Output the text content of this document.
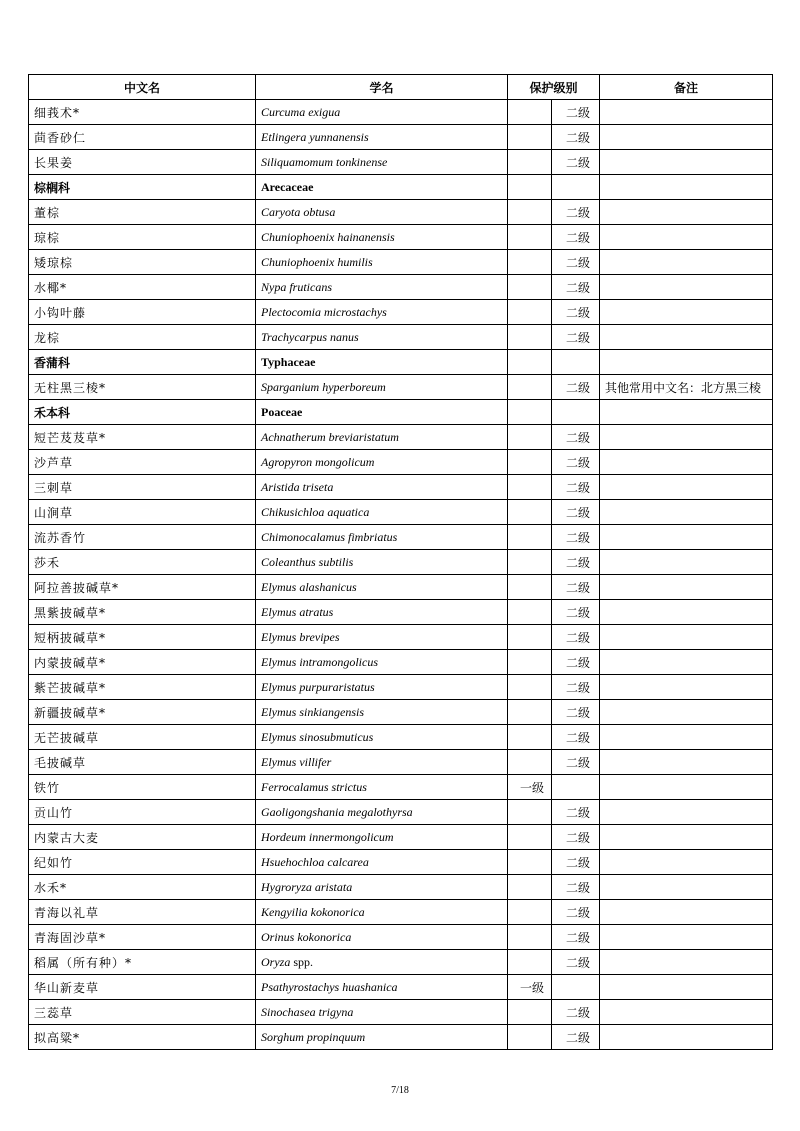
中文名	学名	保护级别		备注
细莪术*	Curcuma exigua		二级	
茴香砂仁	Etlingera yunnanensis		二级	
长果姜	Siliquamomum tonkinense		二级	
棕榈科	Arecaceae			
董棕	Caryota obtusa		二级	
琼棕	Chuniophoenix hainanensis		二级	
矮琼棕	Chuniophoenix humilis		二级	
水椰*	Nypa fruticans		二级	
小钩叶藤	Plectocomia microstachys		二级	
龙棕	Trachycarpus nanus		二级	
香蒲科	Typhaceae			
无柱黑三棱*	Sparganium hyperboreum		二级	其他常用中文名：北方黑三棱
禾本科	Poaceae			
短芒芨芨草*	Achnatherum breviaristatum		二级	
沙芦草	Agropyron mongolicum		二级	
三刺草	Aristida triseta		二级	
山涧草	Chikusichloa aquatica		二级	
流苏香竹	Chimonocalamus fimbriatus		二级	
莎禾	Coleanthus subtilis		二级	
阿拉善披碱草*	Elymus alashanicus		二级	
黑紫披碱草*	Elymus atratus		二级	
短柄披碱草*	Elymus brevipes		二级	
内蒙披碱草*	Elymus intramongolicus		二级	
紫芒披碱草*	Elymus purpuraristatus		二级	
新疆披碱草*	Elymus sinkiangensis		二级	
无芒披碱草	Elymus sinosubmuticus		二级	
毛披碱草	Elymus villifer		二级	
铁竹	Ferrocalamus strictus	一级		
贡山竹	Gaoligongshania megalothyrsa		二级	
内蒙古大麦	Hordeum innermongolicum		二级	
纪如竹	Hsuehochloa calcarea		二级	
水禾*	Hygroryza aristata		二级	
青海以礼草	Kengyilia kokonorica		二级	
青海固沙草*	Orinus kokonorica		二级	
稻属（所有种）*	Oryza spp.		二级	
华山新麦草	Psathyrostachys huashanica	一级		
三蕊草	Sinochasea trigyna		二级	
拟高粱*	Sorghum propinquum		二级	
7/18
